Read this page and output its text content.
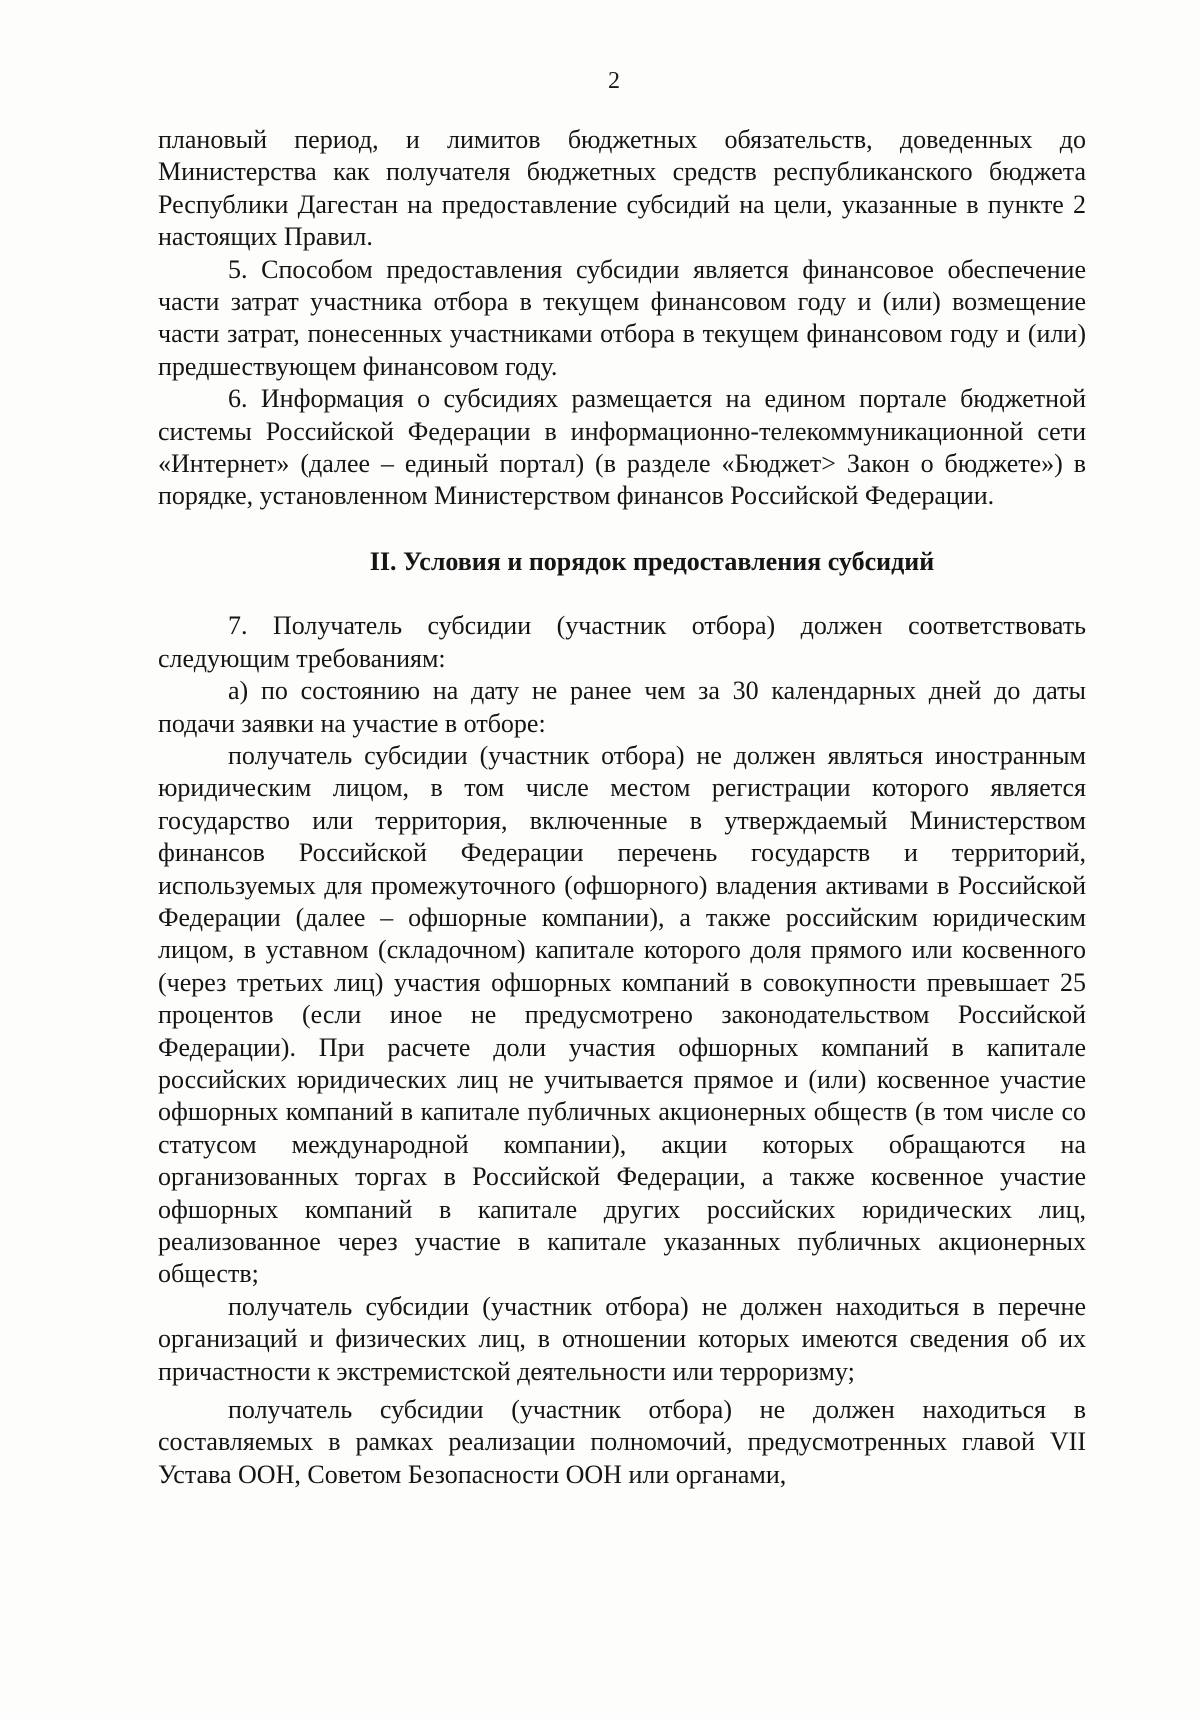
2

плановый период, и лимитов бюджетных обязательств, доведенных до Министерства как получателя бюджетных средств республиканского бюджета Республики Дагестан на предоставление субсидий на цели, указанные в пункте 2 настоящих Правил.

5. Способом предоставления субсидии является финансовое обеспечение части затрат участника отбора в текущем финансовом году и (или) возмещение части затрат, понесенных участниками отбора в текущем финансовом году и (или) предшествующем финансовом году.

6. Информация о субсидиях размещается на едином портале бюджетной системы Российской Федерации в информационно-телекоммуникационной сети «Интернет» (далее – единый портал) (в разделе «Бюджет> Закон о бюджете») в порядке, установленном Министерством финансов Российской Федерации.

II. Условия и порядок предоставления субсидий

7. Получатель субсидии (участник отбора) должен соответствовать следующим требованиям:

а) по состоянию на дату не ранее чем за 30 календарных дней до даты подачи заявки на участие в отборе:

получатель субсидии (участник отбора) не должен являться иностранным юридическим лицом, в том числе местом регистрации которого является государство или территория, включенные в утверждаемый Министерством финансов Российской Федерации перечень государств и территорий, используемых для промежуточного (офшорного) владения активами в Российской Федерации (далее – офшорные компании), а также российским юридическим лицом, в уставном (складочном) капитале которого доля прямого или косвенного (через третьих лиц) участия офшорных компаний в совокупности превышает 25 процентов (если иное не предусмотрено законодательством Российской Федерации). При расчете доли участия офшорных компаний в капитале российских юридических лиц не учитывается прямое и (или) косвенное участие офшорных компаний в капитале публичных акционерных обществ (в том числе со статусом международной компании), акции которых обращаются на организованных торгах в Российской Федерации, а также косвенное участие офшорных компаний в капитале других российских юридических лиц, реализованное через участие в капитале указанных публичных акционерных обществ;

получатель субсидии (участник отбора) не должен находиться в перечне организаций и физических лиц, в отношении которых имеются сведения об их причастности к экстремистской деятельности или терроризму;

получатель субсидии (участник отбора) не должен находиться в составляемых в рамках реализации полномочий, предусмотренных главой VII Устава ООН, Советом Безопасности ООН или органами,
